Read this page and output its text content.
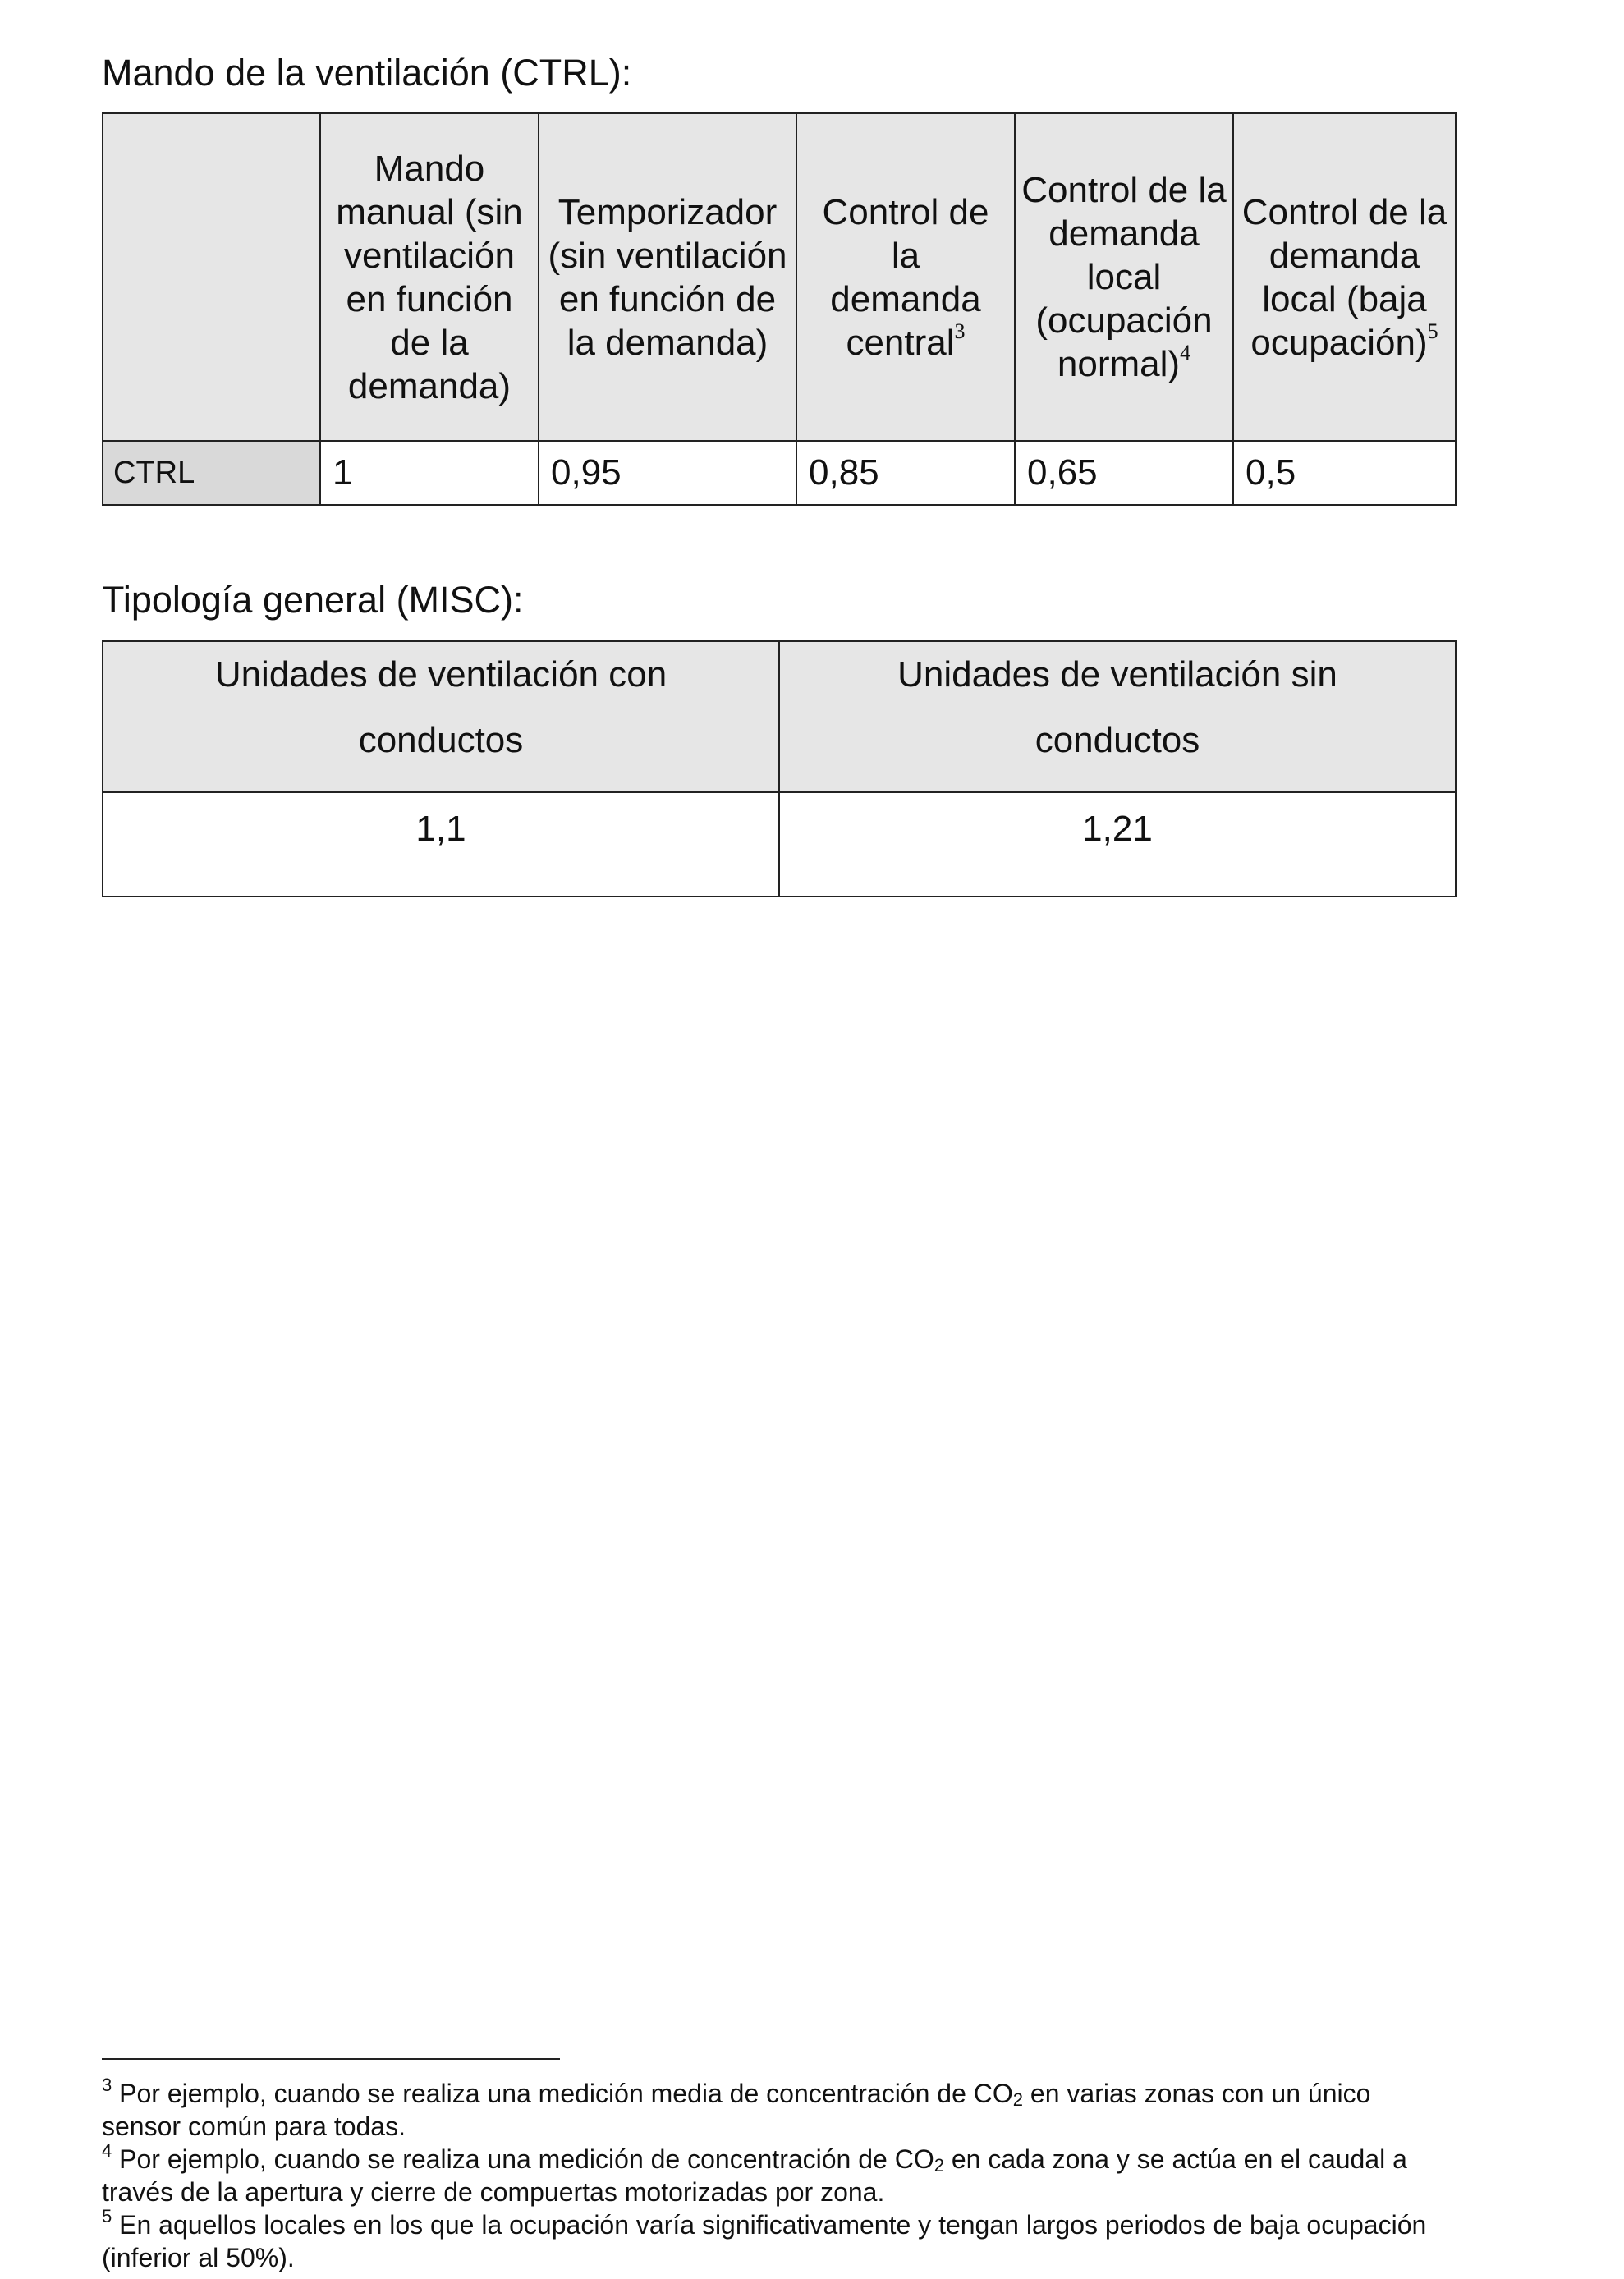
Mando de la ventilación (CTRL):

	Mando manual (sin ventilación en función de la demanda)	Temporizador (sin ventilación en función de la demanda)	Control de la demanda central$^3$	Control de la demanda local (ocupación normal)$^4$	Control de la demanda local (baja ocupación)$^5$

CTRL	1	0,95	0,85	0,65	0,5
Tipología general (MISC):
Unidades de ventilación con conductos	Unidades de ventilación sin conductos

1,1	1,21

$^3$ Por ejemplo, cuando se realiza una medición media de concentración de CO2 en varias zonas con un único sensor común para todas.

$^4$ Por ejemplo, cuando se realiza una medición de concentración de CO2 en cada zona y se actúa en el caudal a través de la apertura y cierre de compuertas motorizadas por zona.

$^5$ En aquellos locales en los que la ocupación varía significativamente y tengan largos periodos de baja ocupación (inferior al 50%).
